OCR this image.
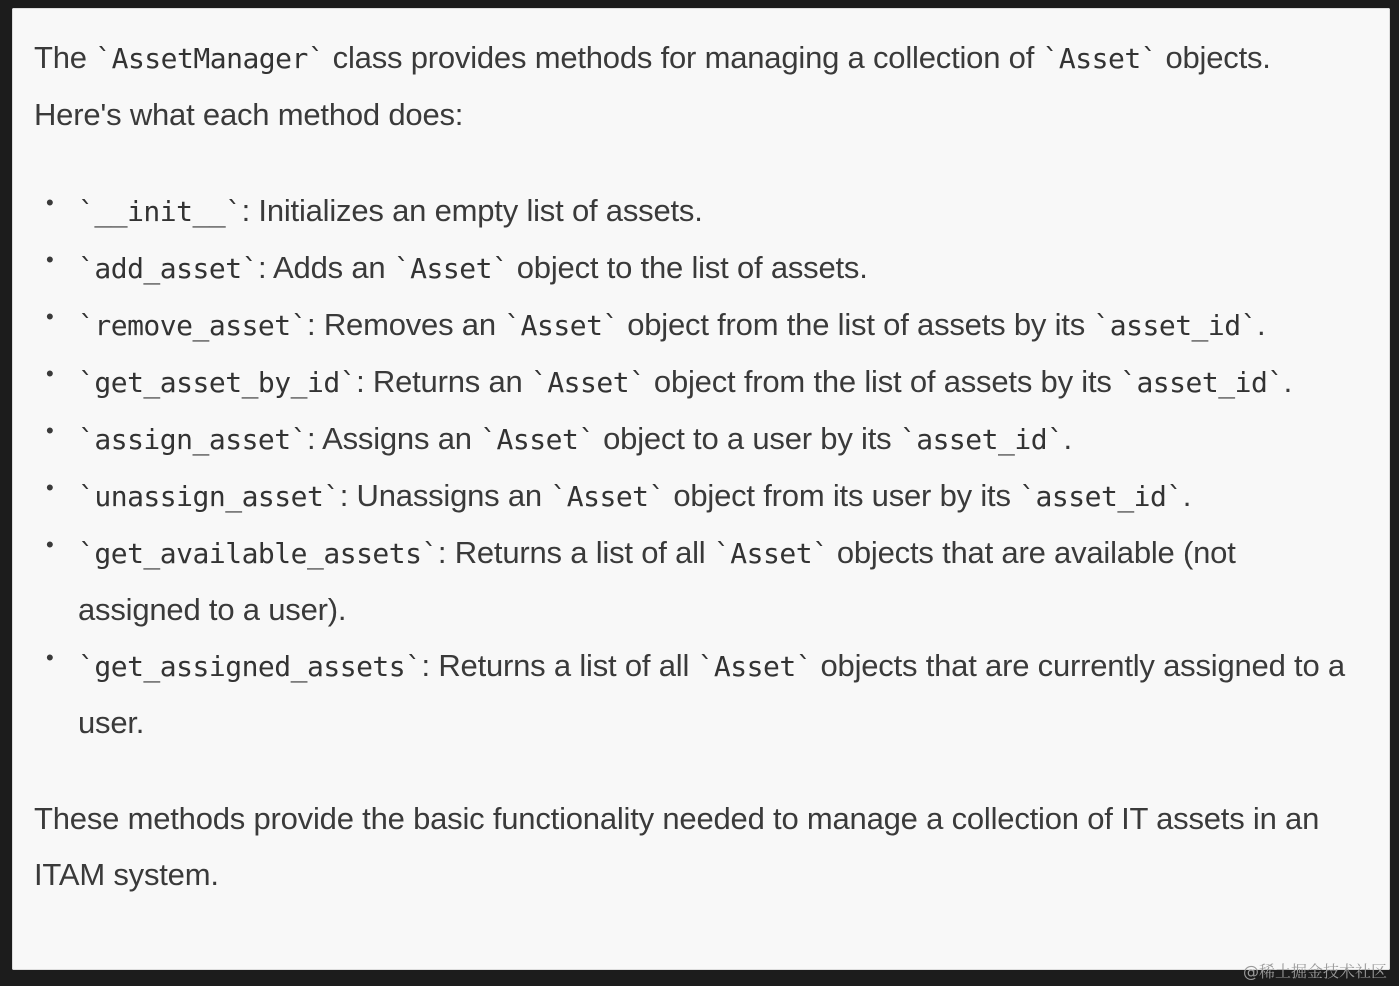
The `AssetManager` class provides methods for managing a collection of `Asset` objects. Here's what each method does:

• `__init__`: Initializes an empty list of assets.
• `add_asset`: Adds an `Asset` object to the list of assets.
• `remove_asset`: Removes an `Asset` object from the list of assets by its `asset_id`.
• `get_asset_by_id`: Returns an `Asset` object from the list of assets by its `asset_id`.
• `assign_asset`: Assigns an `Asset` object to a user by its `asset_id`.
• `unassign_asset`: Unassigns an `Asset` object from its user by its `asset_id`.
• `get_available_assets`: Returns a list of all `Asset` objects that are available (not assigned to a user).
• `get_assigned_assets`: Returns a list of all `Asset` objects that are currently assigned to a user.

These methods provide the basic functionality needed to manage a collection of IT assets in an ITAM system.

@稀土掘金技术社区
